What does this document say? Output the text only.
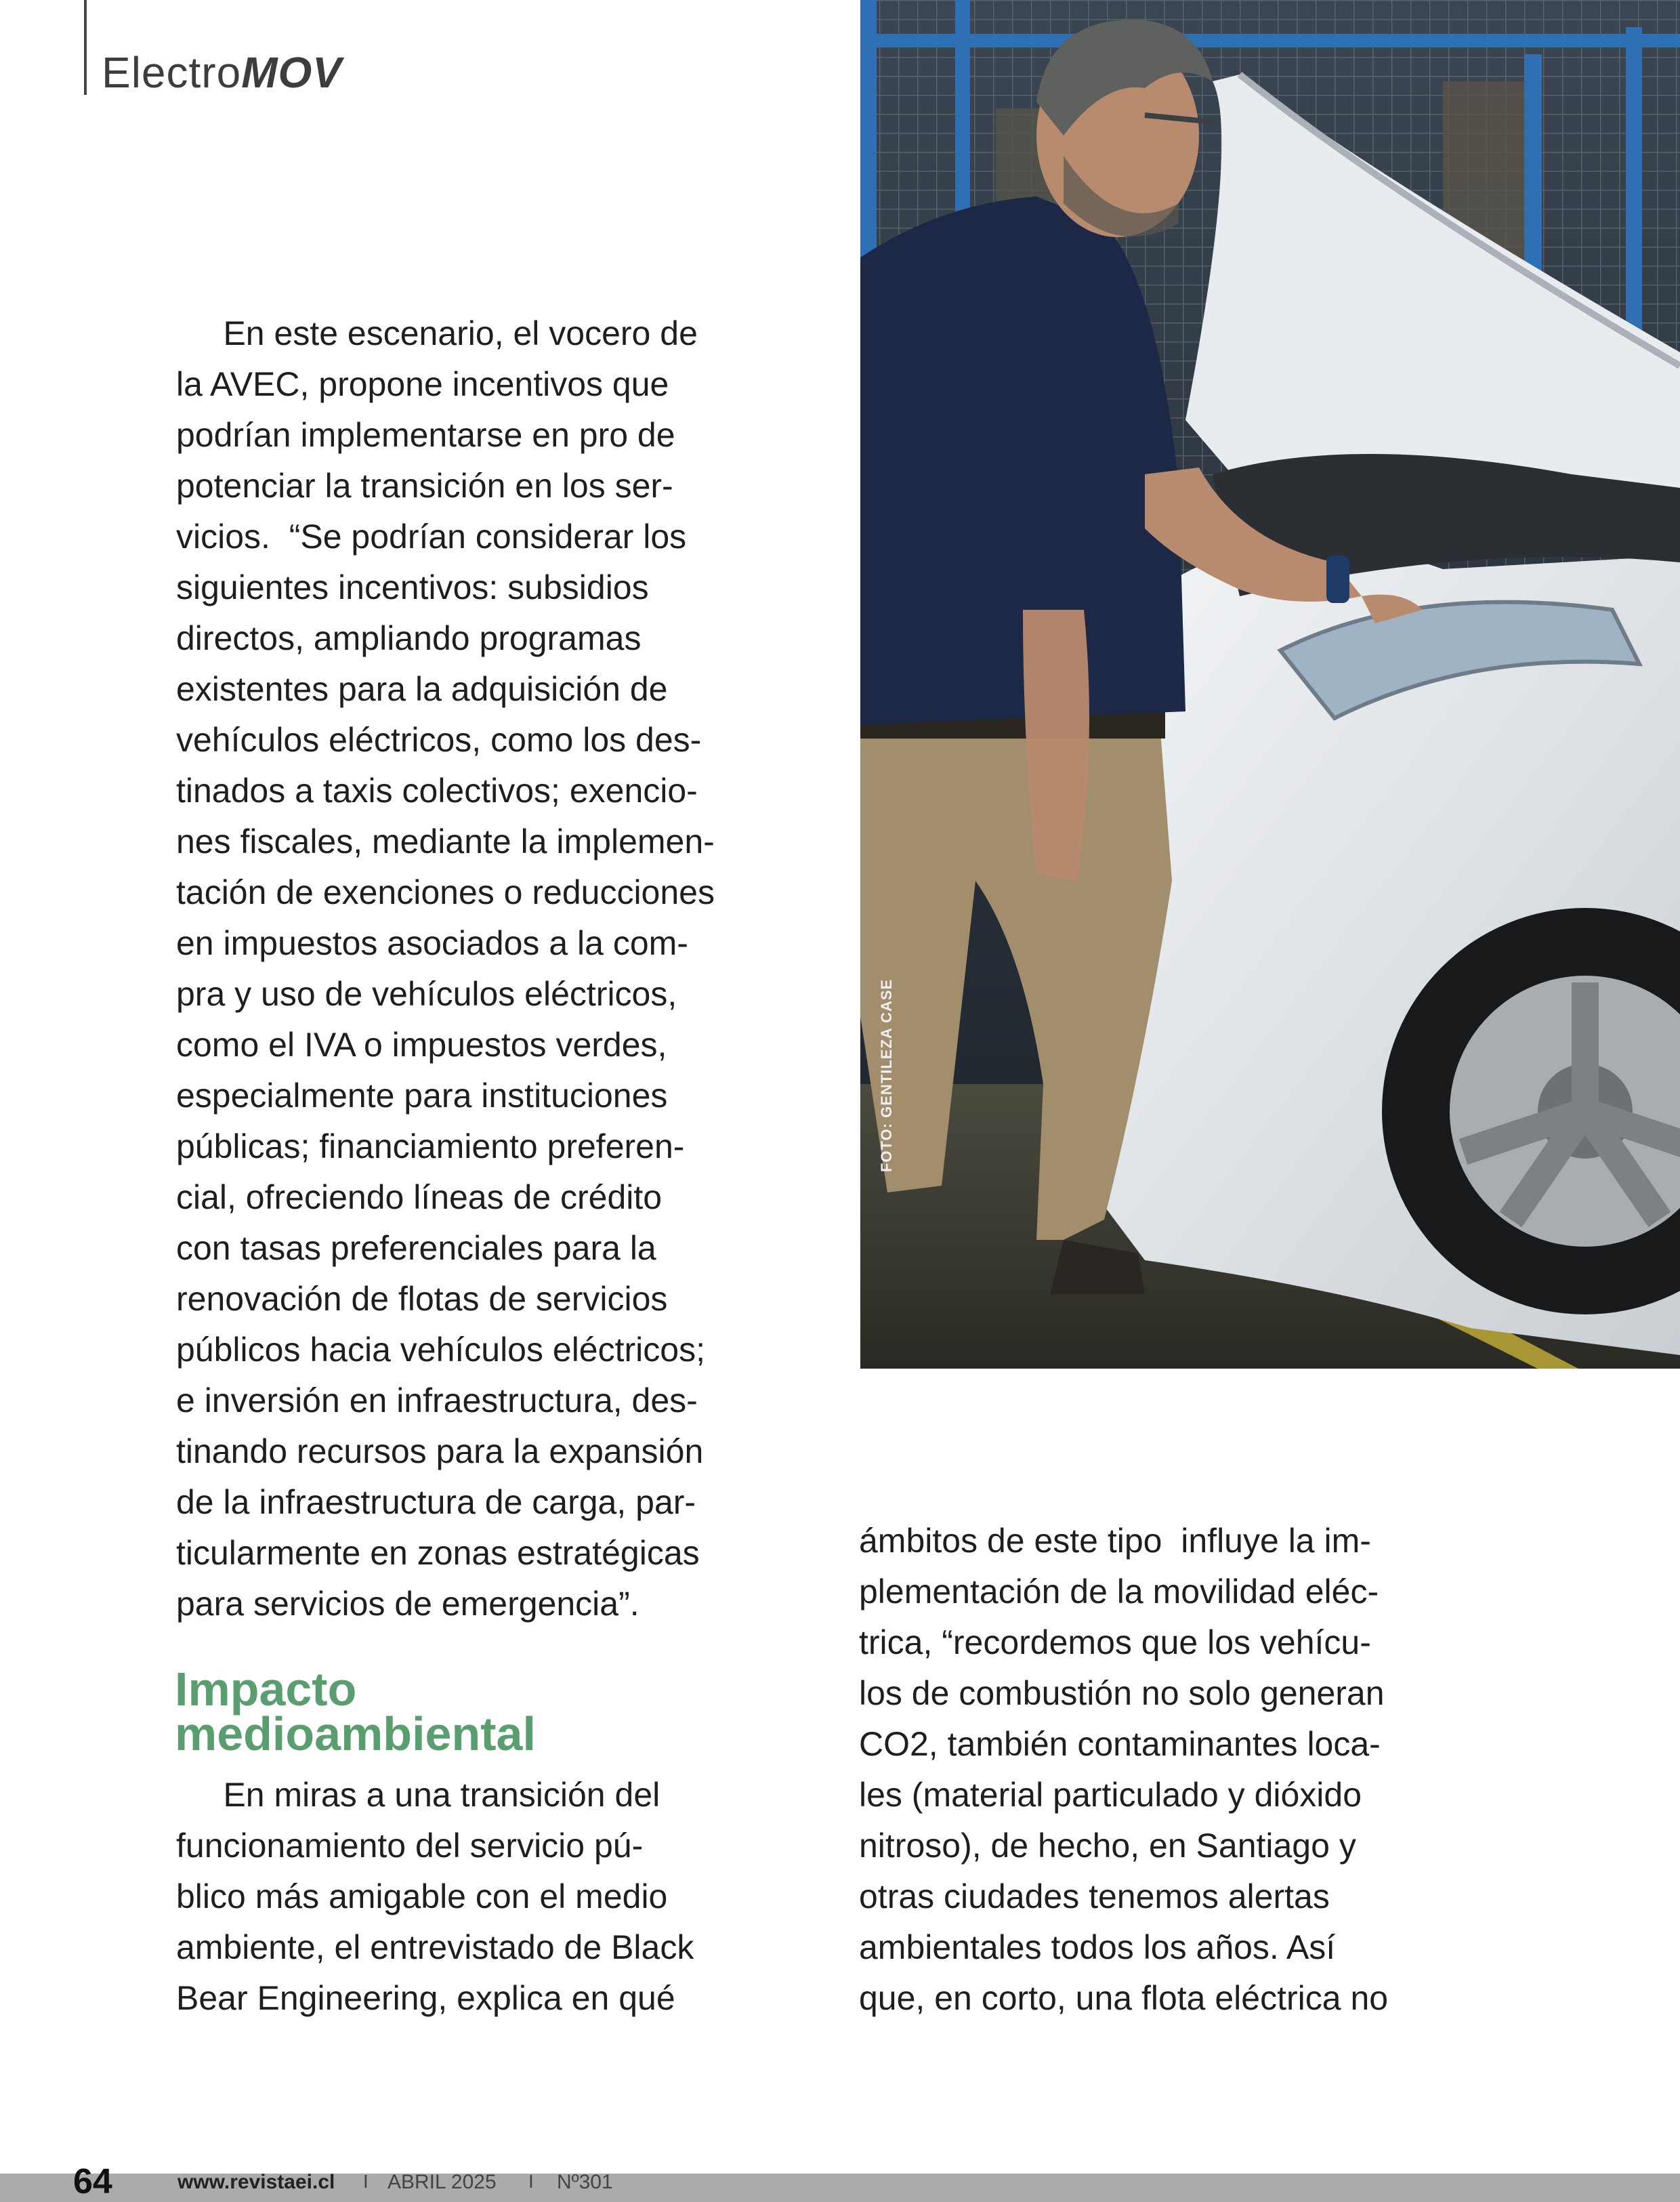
ElectroMOV
En este escenario, el vocero de
la AVEC, propone incentivos que
podrían implementarse en pro de
potenciar la transición en los ser-
vicios.  “Se podrían considerar los
siguientes incentivos: subsidios
directos, ampliando programas
existentes para la adquisición de
vehículos eléctricos, como los des-
tinados a taxis colectivos; exencio-
nes fiscales, mediante la implemen-
tación de exenciones o reducciones
en impuestos asociados a la com-
pra y uso de vehículos eléctricos,
como el IVA o impuestos verdes,
especialmente para instituciones
públicas; financiamiento preferen-
cial, ofreciendo líneas de crédito
con tasas preferenciales para la
renovación de flotas de servicios
públicos hacia vehículos eléctricos;
e inversión en infraestructura, des-
tinando recursos para la expansión
de la infraestructura de carga, par-
ticularmente en zonas estratégicas
para servicios de emergencia”.
Impacto
medioambiental
En miras a una transición del
funcionamiento del servicio pú-
blico más amigable con el medio
ambiente, el entrevistado de Black
Bear Engineering, explica en qué
ámbitos de este tipo  influye la im-
plementación de la movilidad eléc-
trica, “recordemos que los vehícu-
los de combustión no solo generan
CO2, también contaminantes loca-
les (material particulado y dióxido
nitroso), de hecho, en Santiago y
otras ciudades tenemos alertas
ambientales todos los años. Así
que, en corto, una flota eléctrica no
FOTO: GENTILEZA CASE
64	www.revistaei.cl I ABRIL 2025 I Nº301
